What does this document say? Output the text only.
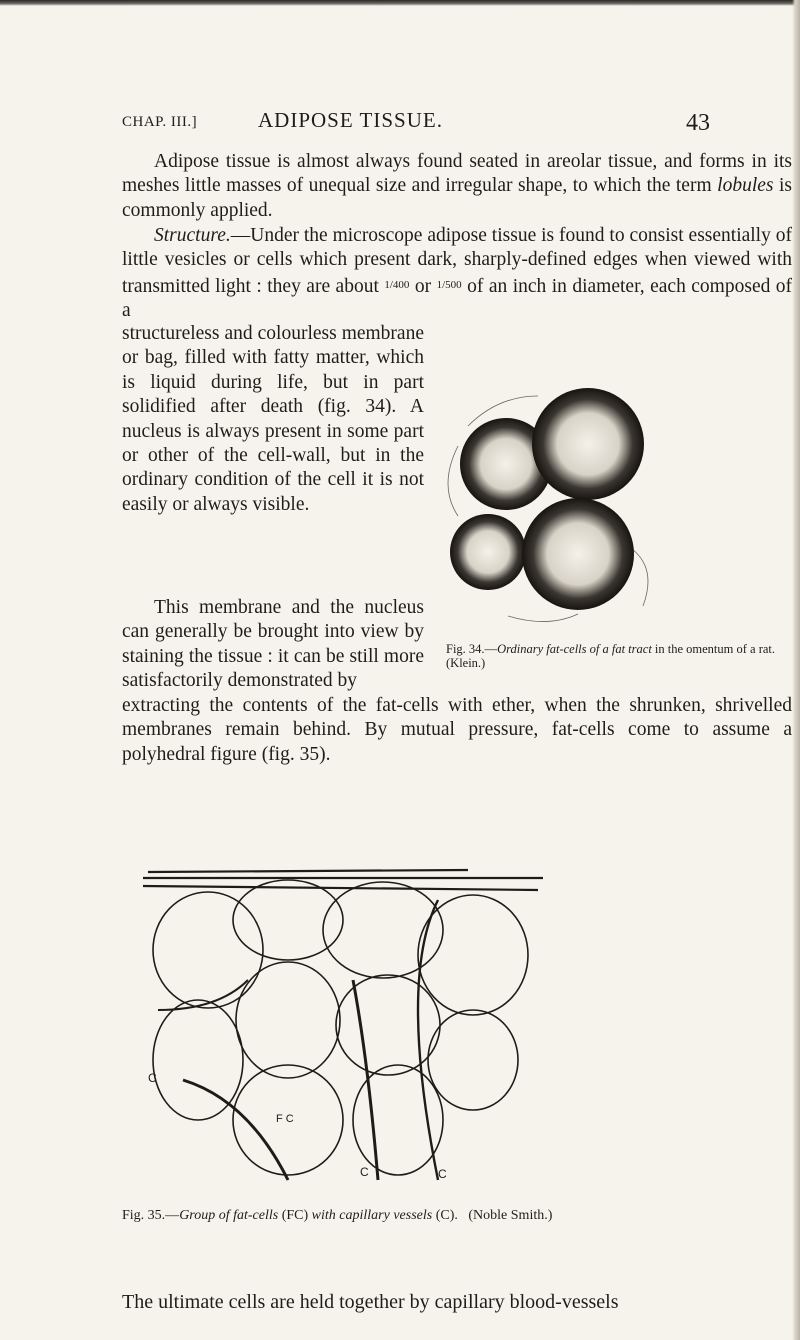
CHAP. III.]	ADIPOSE TISSUE.	43

Adipose tissue is almost always found seated in areolar tissue, and forms in its meshes little masses of unequal size and irregular shape, to which the term lobules is commonly applied.

Structure.—Under the microscope adipose tissue is found to consist essentially of little vesicles or cells which present dark, sharply-defined edges when viewed with transmitted light : they are about $^{1/400}$ or $^{1/500}$ of an inch in diameter, each composed of a

structureless and colourless membrane or bag, filled with fatty matter, which is liquid during life, but in part solidified after death (fig. 34). A nucleus is always present in some part or other of the cell-wall, but in the ordinary condition of the cell it is not easily or always visible.

This membrane and the nucleus can generally be brought into view by staining the tissue : it can be still more satisfactorily demonstrated by

extracting the contents of the fat-cells with ether, when the shrunken, shrivelled membranes remain behind. By mutual pressure, fat-cells come to assume a polyhedral figure (fig. 35).

Fig. 34.—Ordinary fat-cells of a fat tract in the omentum of a rat. (Klein.)
F C
C
C	C
Fig. 35.—Group of fat-cells (FC) with capillary vessels (C). (Noble Smith.)

The ultimate cells are held together by capillary blood-vessels
